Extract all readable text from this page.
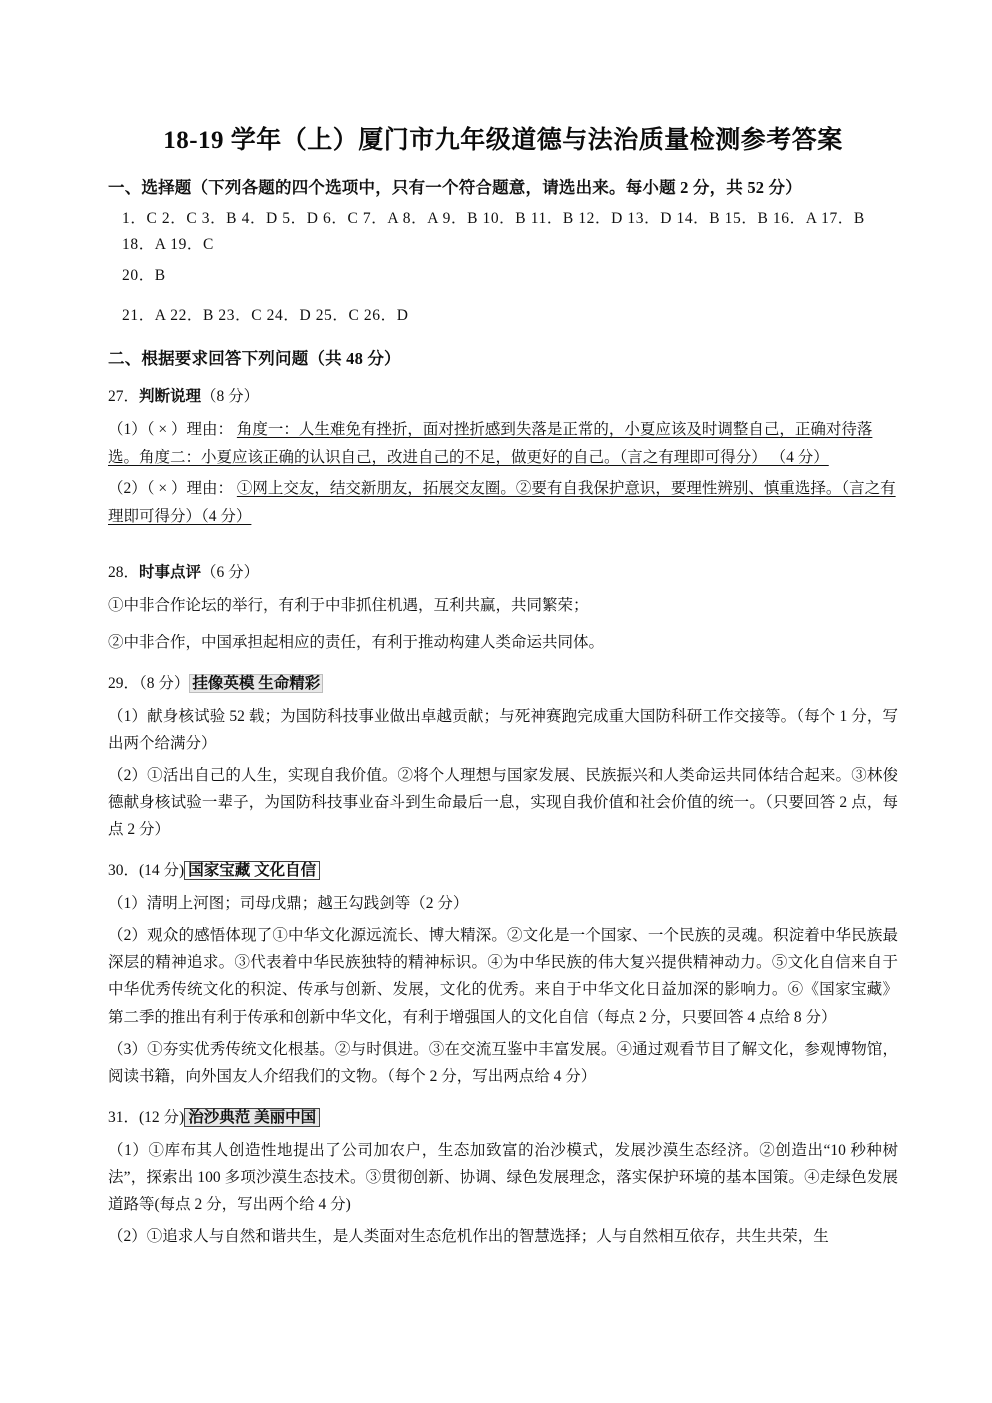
18-19 学年（上）厦门市九年级道德与法治质量检测参考答案
一、选择题（下列各题的四个选项中，只有一个符合题意，请选出来。每小题 2 分，共 52 分）
1．C 2．C 3．B 4．D 5．D 6．C 7．A 8．A 9．B 10．B 11．B 12．D 13．D 14．B 15．B 16．A 17．B 18．A 19．C
20．B
21．A 22．B 23．C 24．D 25．C 26．D
二、根据要求回答下列问题（共 48 分）
27．判断说理（8 分）
（1）（ × ）理由： 角度一：人生难免有挫折，面对挫折感到失落是正常的，小夏应该及时调整自己，正确对待落选。角度二：小夏应该正确的认识自己，改进自己的不足，做更好的自己。（言之有理即可得分） （4 分）
（2）（ × ）理由： ①网上交友，结交新朋友，拓展交友圈。②要有自我保护意识，要理性辨别、慎重选择。（言之有理即可得分）（4 分）
28．时事点评（6 分）
①中非合作论坛的举行，有利于中非抓住机遇，互利共赢，共同繁荣；
②中非合作，中国承担起相应的责任，有利于推动构建人类命运共同体。
29．（8 分） 挂像英模 生命精彩
（1）献身核试验 52 载；为国防科技事业做出卓越贡献；与死神赛跑完成重大国防科研工作交接等。（每个 1 分，写出两个给满分）
（2）①活出自己的人生，实现自我价值。②将个人理想与国家发展、民族振兴和人类命运共同体结合起来。③林俊德献身核试验一辈子，为国防科技事业奋斗到生命最后一息，实现自我价值和社会价值的统一。（只要回答 2 点，每点 2 分）
30．(14 分) 国家宝藏 文化自信
（1）清明上河图；司母戊鼎；越王勾践剑等（2 分）
（2）观众的感悟体现了①中华文化源远流长、博大精深。②文化是一个国家、一个民族的灵魂。积淀着中华民族最深层的精神追求。③代表着中华民族独特的精神标识。④为中华民族的伟大复兴提供精神动力。⑤文化自信来自于中华优秀传统文化的积淀、传承与创新、发展，文化的优秀。来自于中华文化日益加深的影响力。⑥《国家宝藏》第二季的推出有利于传承和创新中华文化，有利于增强国人的文化自信（每点 2 分，只要回答 4 点给 8 分）
（3）①夯实优秀传统文化根基。②与时俱进。③在交流互鉴中丰富发展。④通过观看节目了解文化，参观博物馆，阅读书籍，向外国友人介绍我们的文物。（每个 2 分，写出两点给 4 分）
31．(12 分) 治沙典范 美丽中国
（1）①库布其人创造性地提出了公司加农户，生态加致富的治沙模式，发展沙漠生态经济。②创造出“10 秒种树法”，探索出 100 多项沙漠生态技术。③贯彻创新、协调、绿色发展理念，落实保护环境的基本国策。④走绿色发展道路等(每点 2 分，写出两个给 4 分)
（2）①追求人与自然和谐共生，是人类面对生态危机作出的智慧选择；人与自然相互依存，共生共荣，生
